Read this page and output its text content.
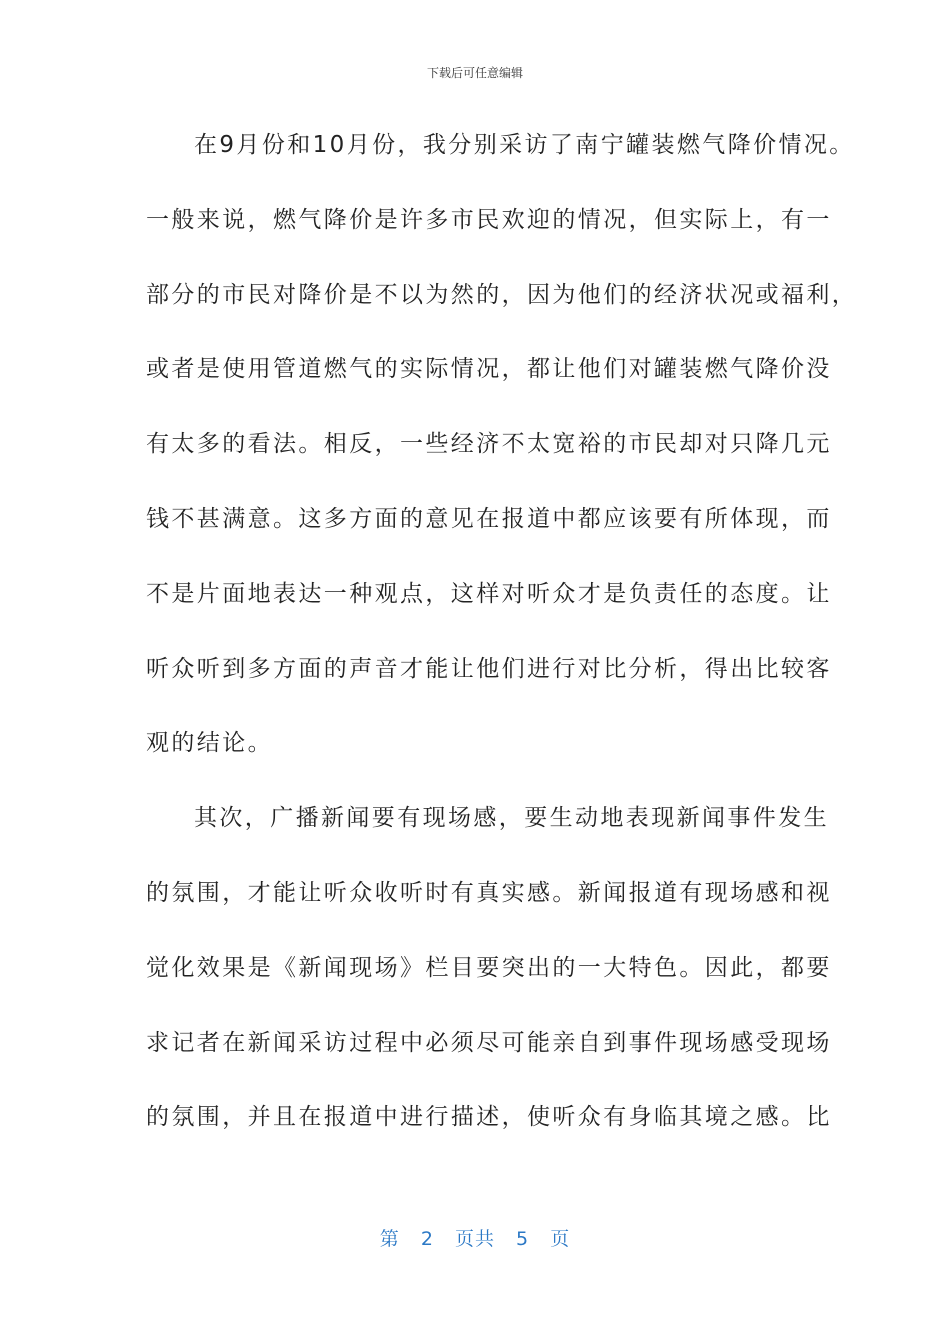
下载后可任意编辑
在9月份和10月份，我分别采访了南宁罐装燃气降价情况。
一般来说，燃气降价是许多市民欢迎的情况，但实际上，有一
部分的市民对降价是不以为然的，因为他们的经济状况或福利，
或者是使用管道燃气的实际情况，都让他们对罐装燃气降价没
有太多的看法。相反，一些经济不太宽裕的市民却对只降几元
钱不甚满意。这多方面的意见在报道中都应该要有所体现，而
不是片面地表达一种观点，这样对听众才是负责任的态度。让
听众听到多方面的声音才能让他们进行对比分析，得出比较客
观的结论。
其次，广播新闻要有现场感，要生动地表现新闻事件发生
的氛围，才能让听众收听时有真实感。新闻报道有现场感和视
觉化效果是《新闻现场》栏目要突出的一大特色。因此，都要
求记者在新闻采访过程中必须尽可能亲自到事件现场感受现场
的氛围，并且在报道中进行描述，使听众有身临其境之感。比
第 2 页共 5 页
